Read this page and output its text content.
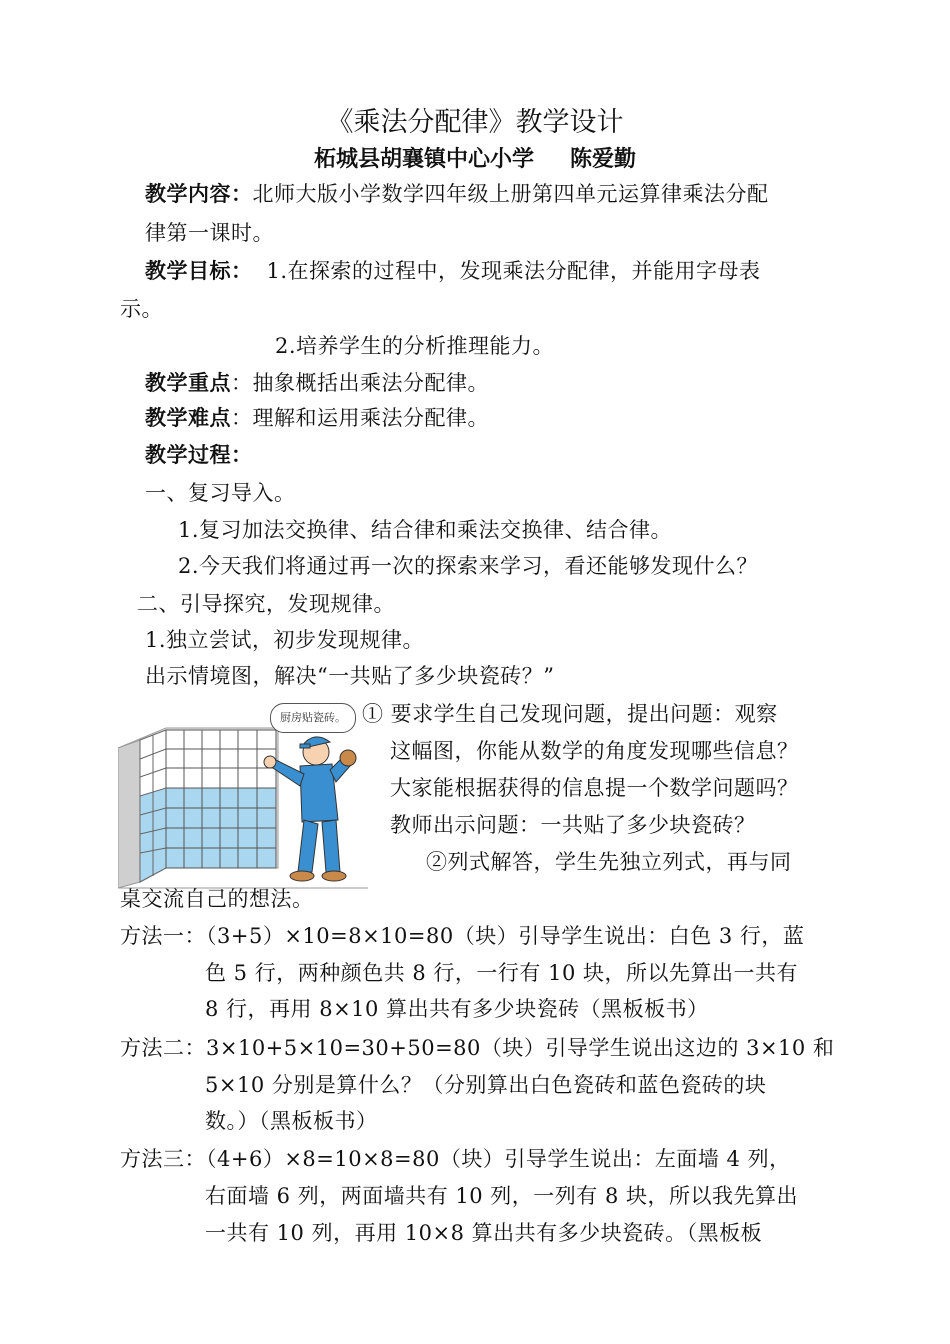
《乘法分配律》教学设计
柘城县胡襄镇中心小学 陈爱勤
教学内容：北师大版小学数学四年级上册第四单元运算律乘法分配
律第一课时。
教学目标： 1.在探索的过程中，发现乘法分配律，并能用字母表
示。
2.培养学生的分析推理能力。
教学重点：抽象概括出乘法分配律。
教学难点：理解和运用乘法分配律。
教学过程：
一、复习导入。
1.复习加法交换律、结合律和乘法交换律、结合律。
2.今天我们将通过再一次的探索来学习，看还能够发现什么？
二、引导探究，发现规律。
1.独立尝试，初步发现规律。
出示情境图，解决“一共贴了多少块瓷砖？”
厨房贴瓷砖。 ① 要求学生自己发现问题，提出问题：观察
这幅图，你能从数学的角度发现哪些信息？
大家能根据获得的信息提一个数学问题吗？
教师出示问题：一共贴了多少块瓷砖？
②列式解答，学生先独立列式，再与同
桌交流自己的想法。
方法一：（3+5）×10=8×10=80（块）引导学生说出：白色 3 行，蓝
色 5 行，两种颜色共 8 行，一行有 10 块，所以先算出一共有
8 行，再用 8×10 算出共有多少块瓷砖（黑板板书）
方法二：3×10+5×10=30+50=80（块）引导学生说出这边的 3×10 和
5×10 分别是算什么？（分别算出白色瓷砖和蓝色瓷砖的块
数。）（黑板板书）
方法三：（4+6）×8=10×8=80（块）引导学生说出：左面墙 4 列，
右面墙 6 列，两面墙共有 10 列，一列有 8 块，所以我先算出
一共有 10 列，再用 10×8 算出共有多少块瓷砖。（黑板板
